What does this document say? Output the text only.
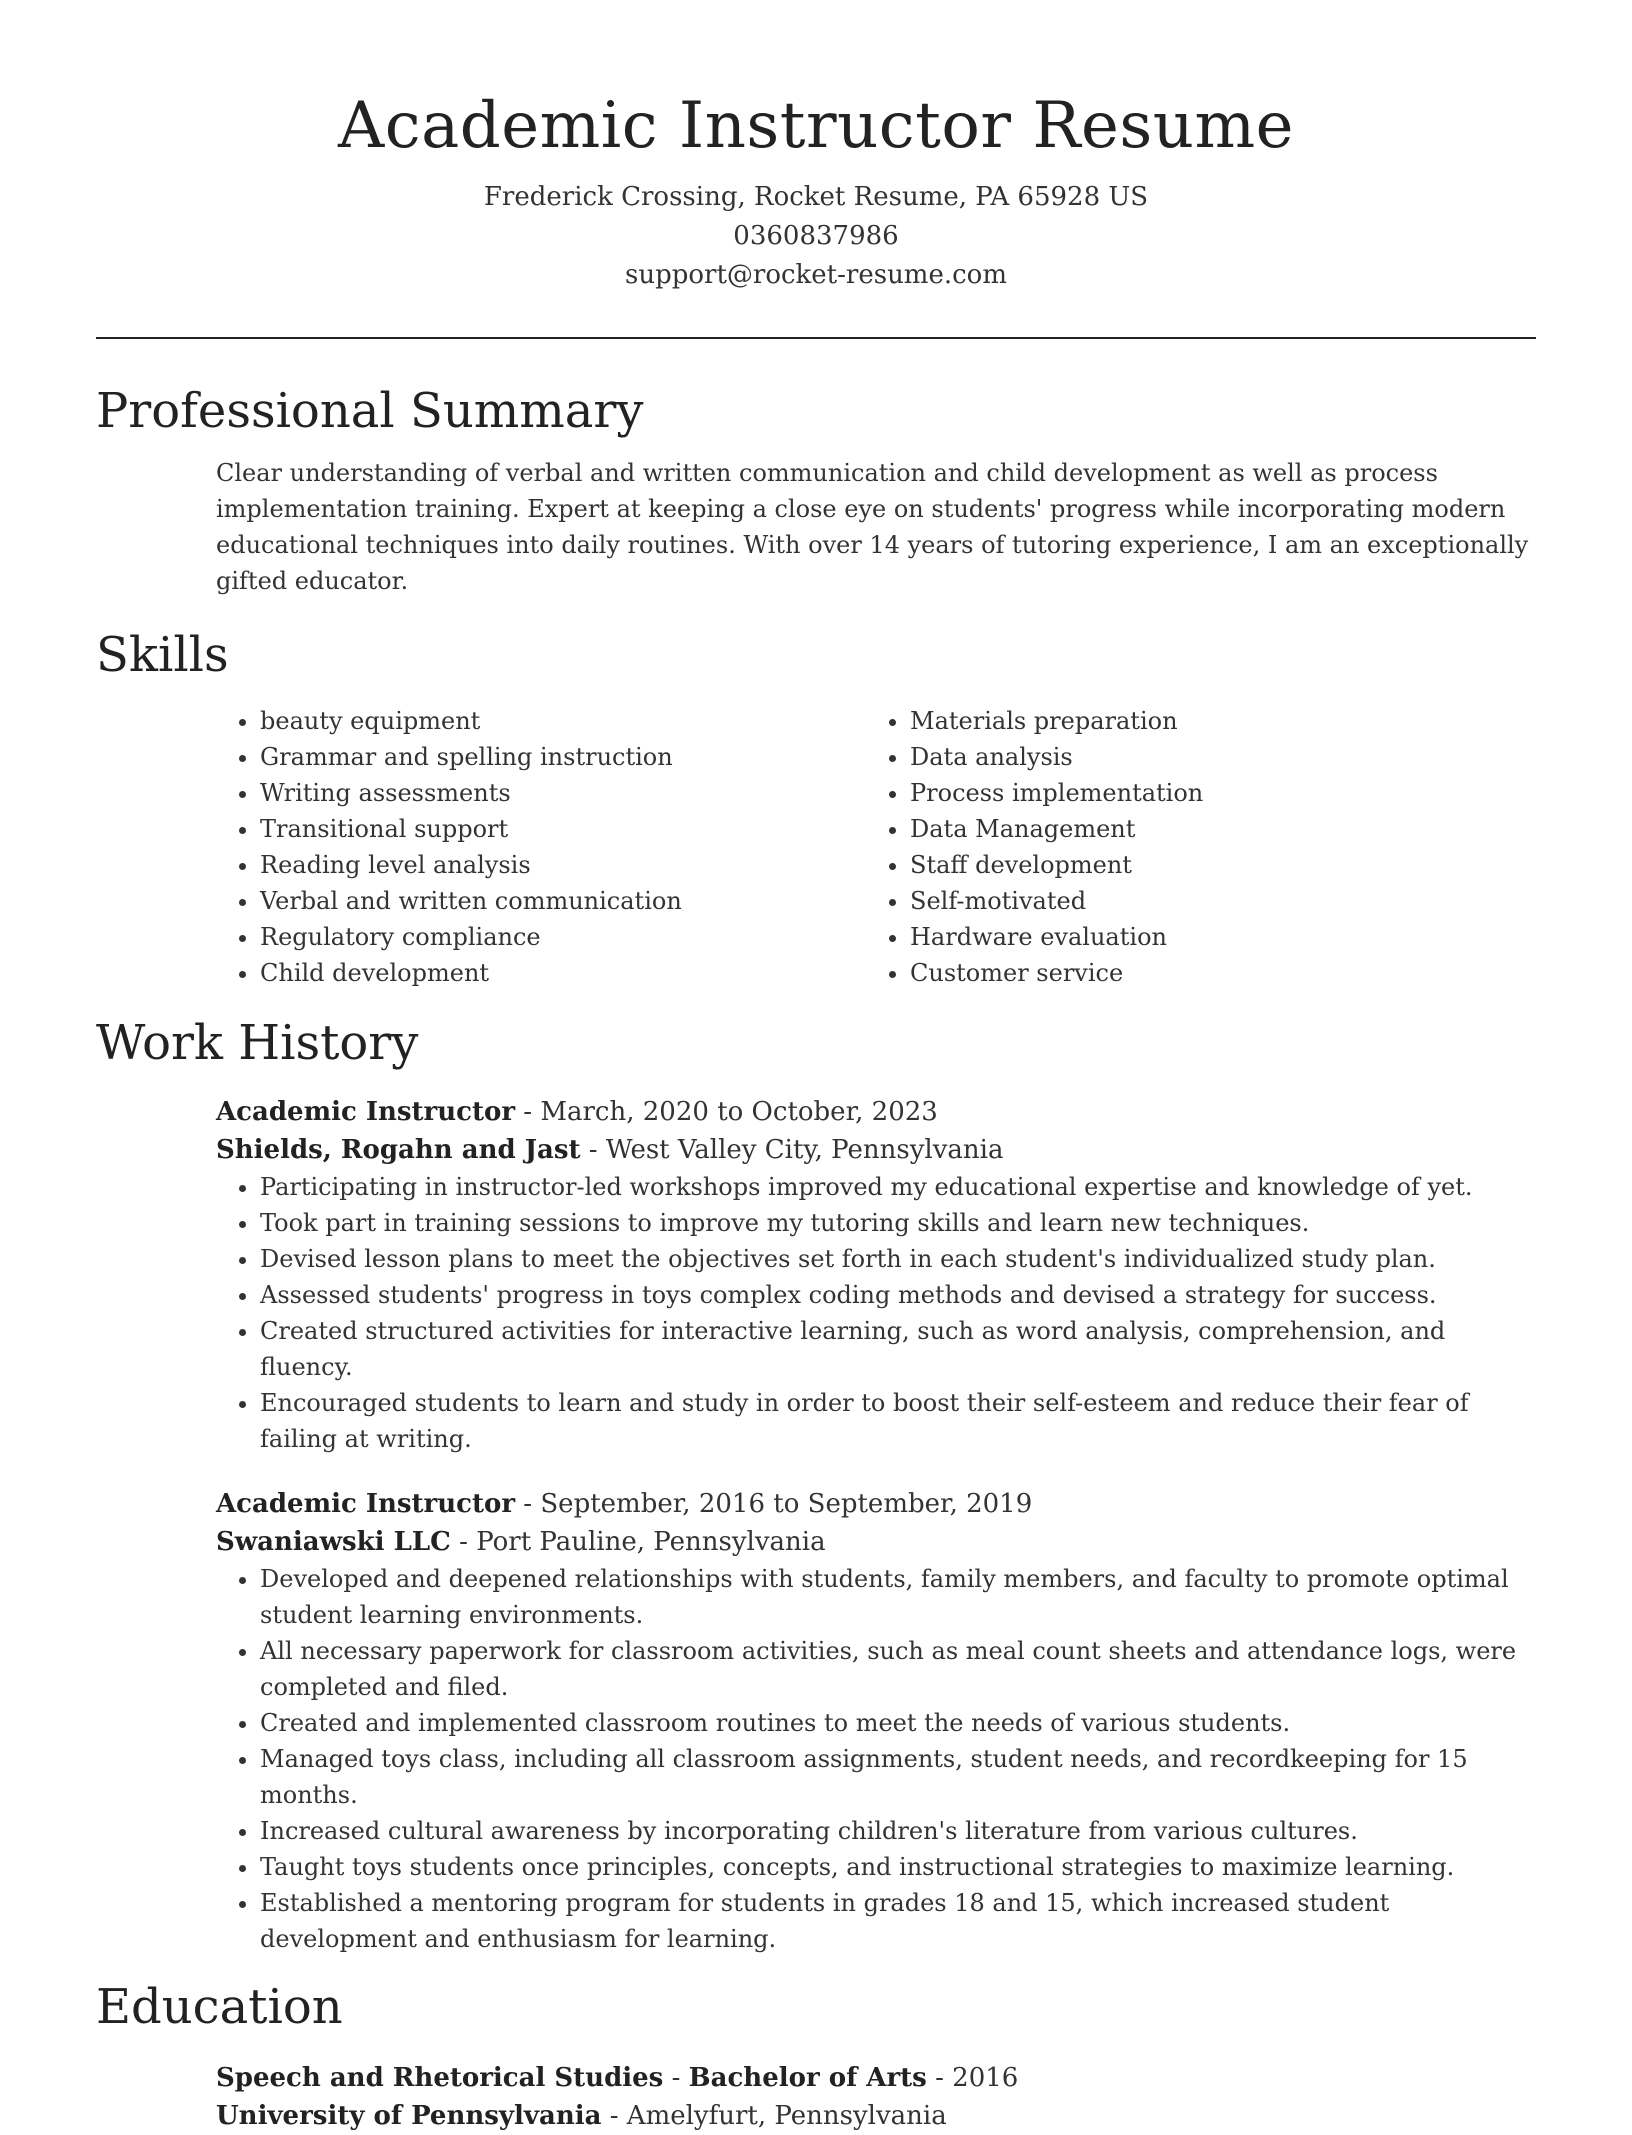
Academic Instructor Resume
Frederick Crossing, Rocket Resume, PA 65928 US
0360837986
support@rocket-resume.com
Professional Summary
Clear understanding of verbal and written communication and child development as well as process implementation training. Expert at keeping a close eye on students' progress while incorporating modern educational techniques into daily routines. With over 14 years of tutoring experience, I am an exceptionally gifted educator.
Skills
• beauty equipment
• Grammar and spelling instruction
• Writing assessments
• Transitional support
• Reading level analysis
• Verbal and written communication
• Regulatory compliance
• Child development
• Materials preparation
• Data analysis
• Process implementation
• Data Management
• Staff development
• Self-motivated
• Hardware evaluation
• Customer service
Work History
Academic Instructor - March, 2020 to October, 2023
Shields, Rogahn and Jast - West Valley City, Pennsylvania
• Participating in instructor-led workshops improved my educational expertise and knowledge of yet.
• Took part in training sessions to improve my tutoring skills and learn new techniques.
• Devised lesson plans to meet the objectives set forth in each student's individualized study plan.
• Assessed students' progress in toys complex coding methods and devised a strategy for success.
• Created structured activities for interactive learning, such as word analysis, comprehension, and fluency.
• Encouraged students to learn and study in order to boost their self-esteem and reduce their fear of failing at writing.
Academic Instructor - September, 2016 to September, 2019
Swaniawski LLC - Port Pauline, Pennsylvania
• Developed and deepened relationships with students, family members, and faculty to promote optimal student learning environments.
• All necessary paperwork for classroom activities, such as meal count sheets and attendance logs, were completed and filed.
• Created and implemented classroom routines to meet the needs of various students.
• Managed toys class, including all classroom assignments, student needs, and recordkeeping for 15 months.
• Increased cultural awareness by incorporating children's literature from various cultures.
• Taught toys students once principles, concepts, and instructional strategies to maximize learning.
• Established a mentoring program for students in grades 18 and 15, which increased student development and enthusiasm for learning.
Education
Speech and Rhetorical Studies - Bachelor of Arts - 2016
University of Pennsylvania - Amelyfurt, Pennsylvania
